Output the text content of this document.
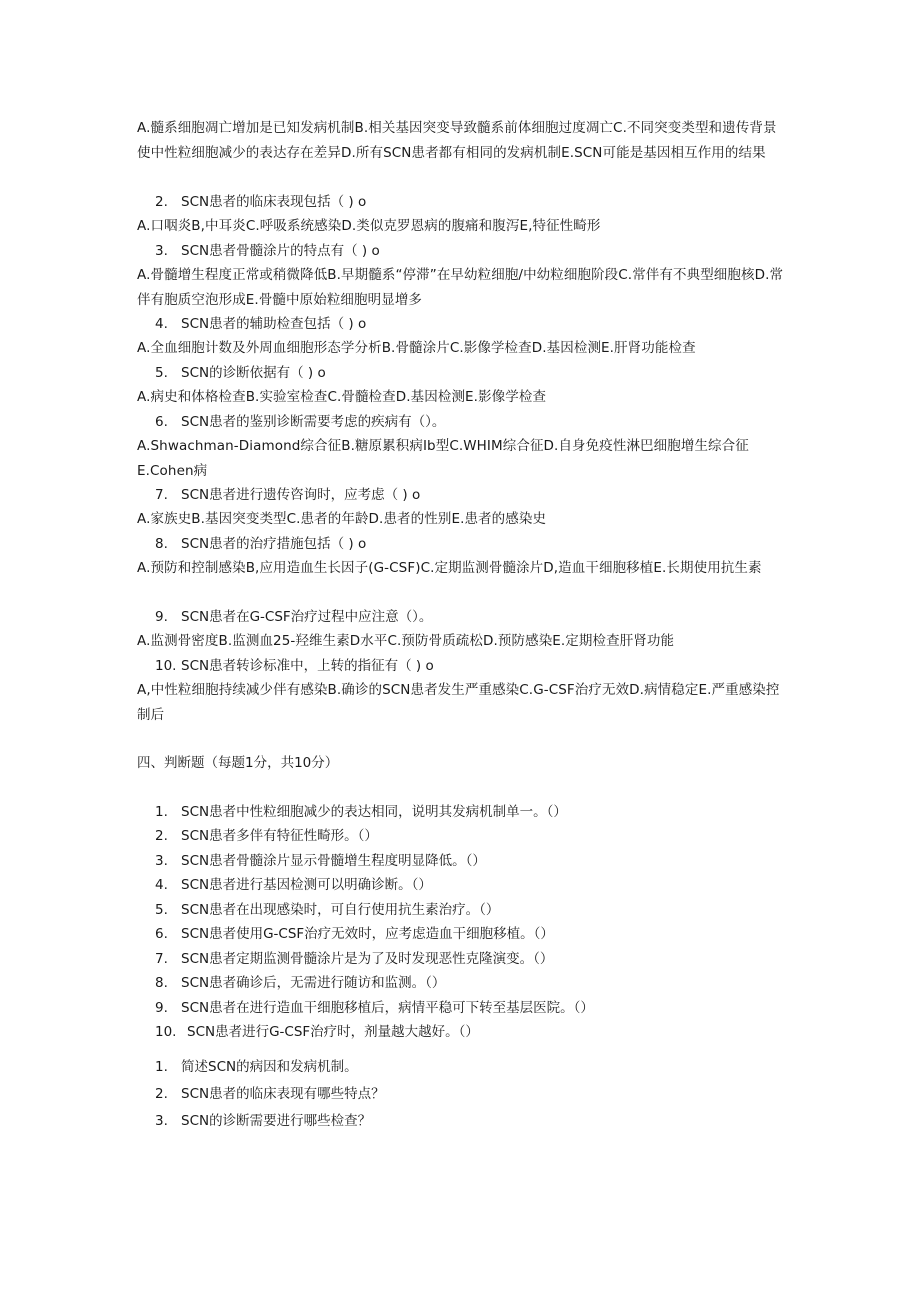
A.髓系细胞凋亡增加是已知发病机制B.相关基因突变导致髓系前体细胞过度凋亡C.不同突变类型和遗传背景使中性粒细胞减少的表达存在差异D.所有SCN患者都有相同的发病机制E.SCN可能是基因相互作用的结果
2. SCN患者的临床表现包括（ ) o
A.口咽炎B,中耳炎C.呼吸系统感染D.类似克罗恩病的腹痛和腹泻E,特征性畸形
3. SCN患者骨髓涂片的特点有（ ) o
A.骨髓增生程度正常或稍微降低B.早期髓系“停滞”在早幼粒细胞/中幼粒细胞阶段C.常伴有不典型细胞核D.常伴有胞质空泡形成E.骨髓中原始粒细胞明显增多
4. SCN患者的辅助检查包括（ ) o
A.全血细胞计数及外周血细胞形态学分析B.骨髓涂片C.影像学检查D.基因检测E.肝肾功能检查
5. SCN的诊断依据有（ ) o
A.病史和体格检查B.实验室检查C.骨髓检查D.基因检测E.影像学检查
6. SCN患者的鉴别诊断需要考虑的疾病有（）。
A.Shwachman-Diamond综合征B.糖原累积病Ib型C.WHIM综合征D.自身免疫性淋巴细胞增生综合征E.Cohen病
7. SCN患者进行遗传咨询时，应考虑（ ) o
A.家族史B.基因突变类型C.患者的年龄D.患者的性别E.患者的感染史
8. SCN患者的治疗措施包括（ ) o
A.预防和控制感染B,应用造血生长因子(G-CSF)C.定期监测骨髓涂片D,造血干细胞移植E.长期使用抗生素
9. SCN患者在G-CSF治疗过程中应注意（）。
A.监测骨密度B.监测血25-羟维生素D水平C.预防骨质疏松D.预防感染E.定期检查肝肾功能
10. SCN患者转诊标准中，上转的指征有（ ) o
A,中性粒细胞持续减少伴有感染B.确诊的SCN患者发生严重感染C.G-CSF治疗无效D.病情稳定E.严重感染控制后
四、判断题（每题1分，共10分）
1. SCN患者中性粒细胞减少的表达相同，说明其发病机制单一。（）
2. SCN患者多伴有特征性畸形。（）
3. SCN患者骨髓涂片显示骨髓增生程度明显降低。（）
4. SCN患者进行基因检测可以明确诊断。（）
5. SCN患者在出现感染时，可自行使用抗生素治疗。（）
6. SCN患者使用G-CSF治疗无效时，应考虑造血干细胞移植。（）
7. SCN患者定期监测骨髓涂片是为了及时发现恶性克隆演变。（）
8. SCN患者确诊后，无需进行随访和监测。（）
9. SCN患者在进行造血干细胞移植后，病情平稳可下转至基层医院。（）
10. SCN患者进行G-CSF治疗时，剂量越大越好。（）
1. 简述SCN的病因和发病机制。
2. SCN患者的临床表现有哪些特点？
3. SCN的诊断需要进行哪些检查？
